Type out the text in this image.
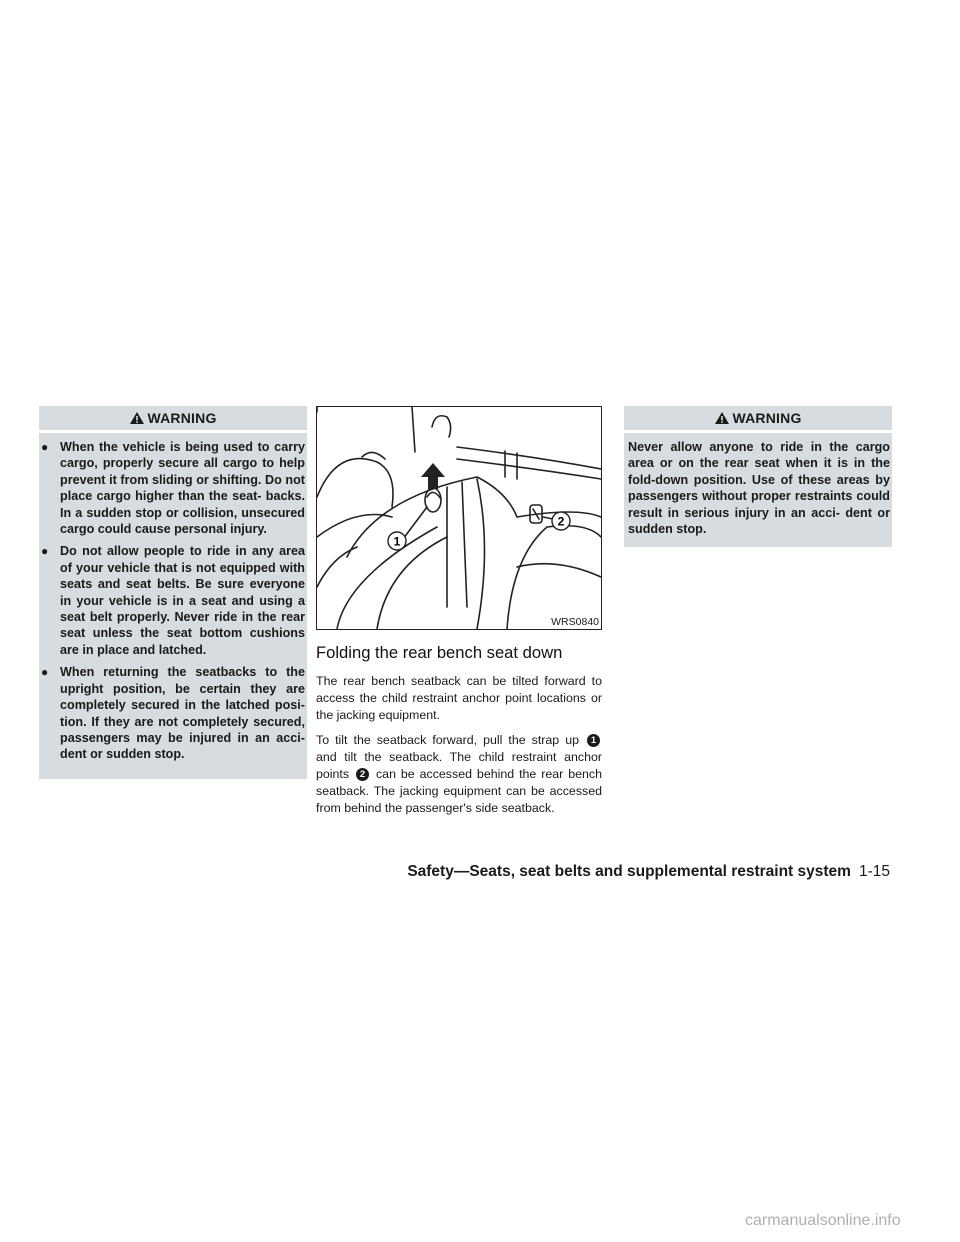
WARNING
● When the vehicle is being used to carry cargo, properly secure all cargo to help prevent it from sliding or shifting. Do not place cargo higher than the seat- backs. In a sudden stop or collision, unsecured cargo could cause personal injury.
● Do not allow people to ride in any area of your vehicle that is not equipped with seats and seat belts. Be sure everyone in your vehicle is in a seat and using a seat belt properly. Never ride in the rear seat unless the seat bottom cushions are in place and latched.
● When returning the seatbacks to the upright position, be certain they are completely secured in the latched posi- tion. If they are not completely secured, passengers may be injured in an acci- dent or sudden stop.
1
2
WRS0840
Folding the rear bench seat down

The rear bench seatback can be tilted forward to access the child restraint anchor point locations or the jacking equipment.

To tilt the seatback forward, pull the strap up 1 and tilt the seatback. The child restraint anchor points 2 can be accessed behind the rear bench seatback. The jacking equipment can be accessed from behind the passenger's side seatback.

WARNING
Never allow anyone to ride in the cargo area or on the rear seat when it is in the fold-down position. Use of these areas by passengers without proper restraints could result in serious injury in an acci- dent or sudden stop.
Safety—Seats, seat belts and supplemental restraint system 1-15
carmanualsonline.info
